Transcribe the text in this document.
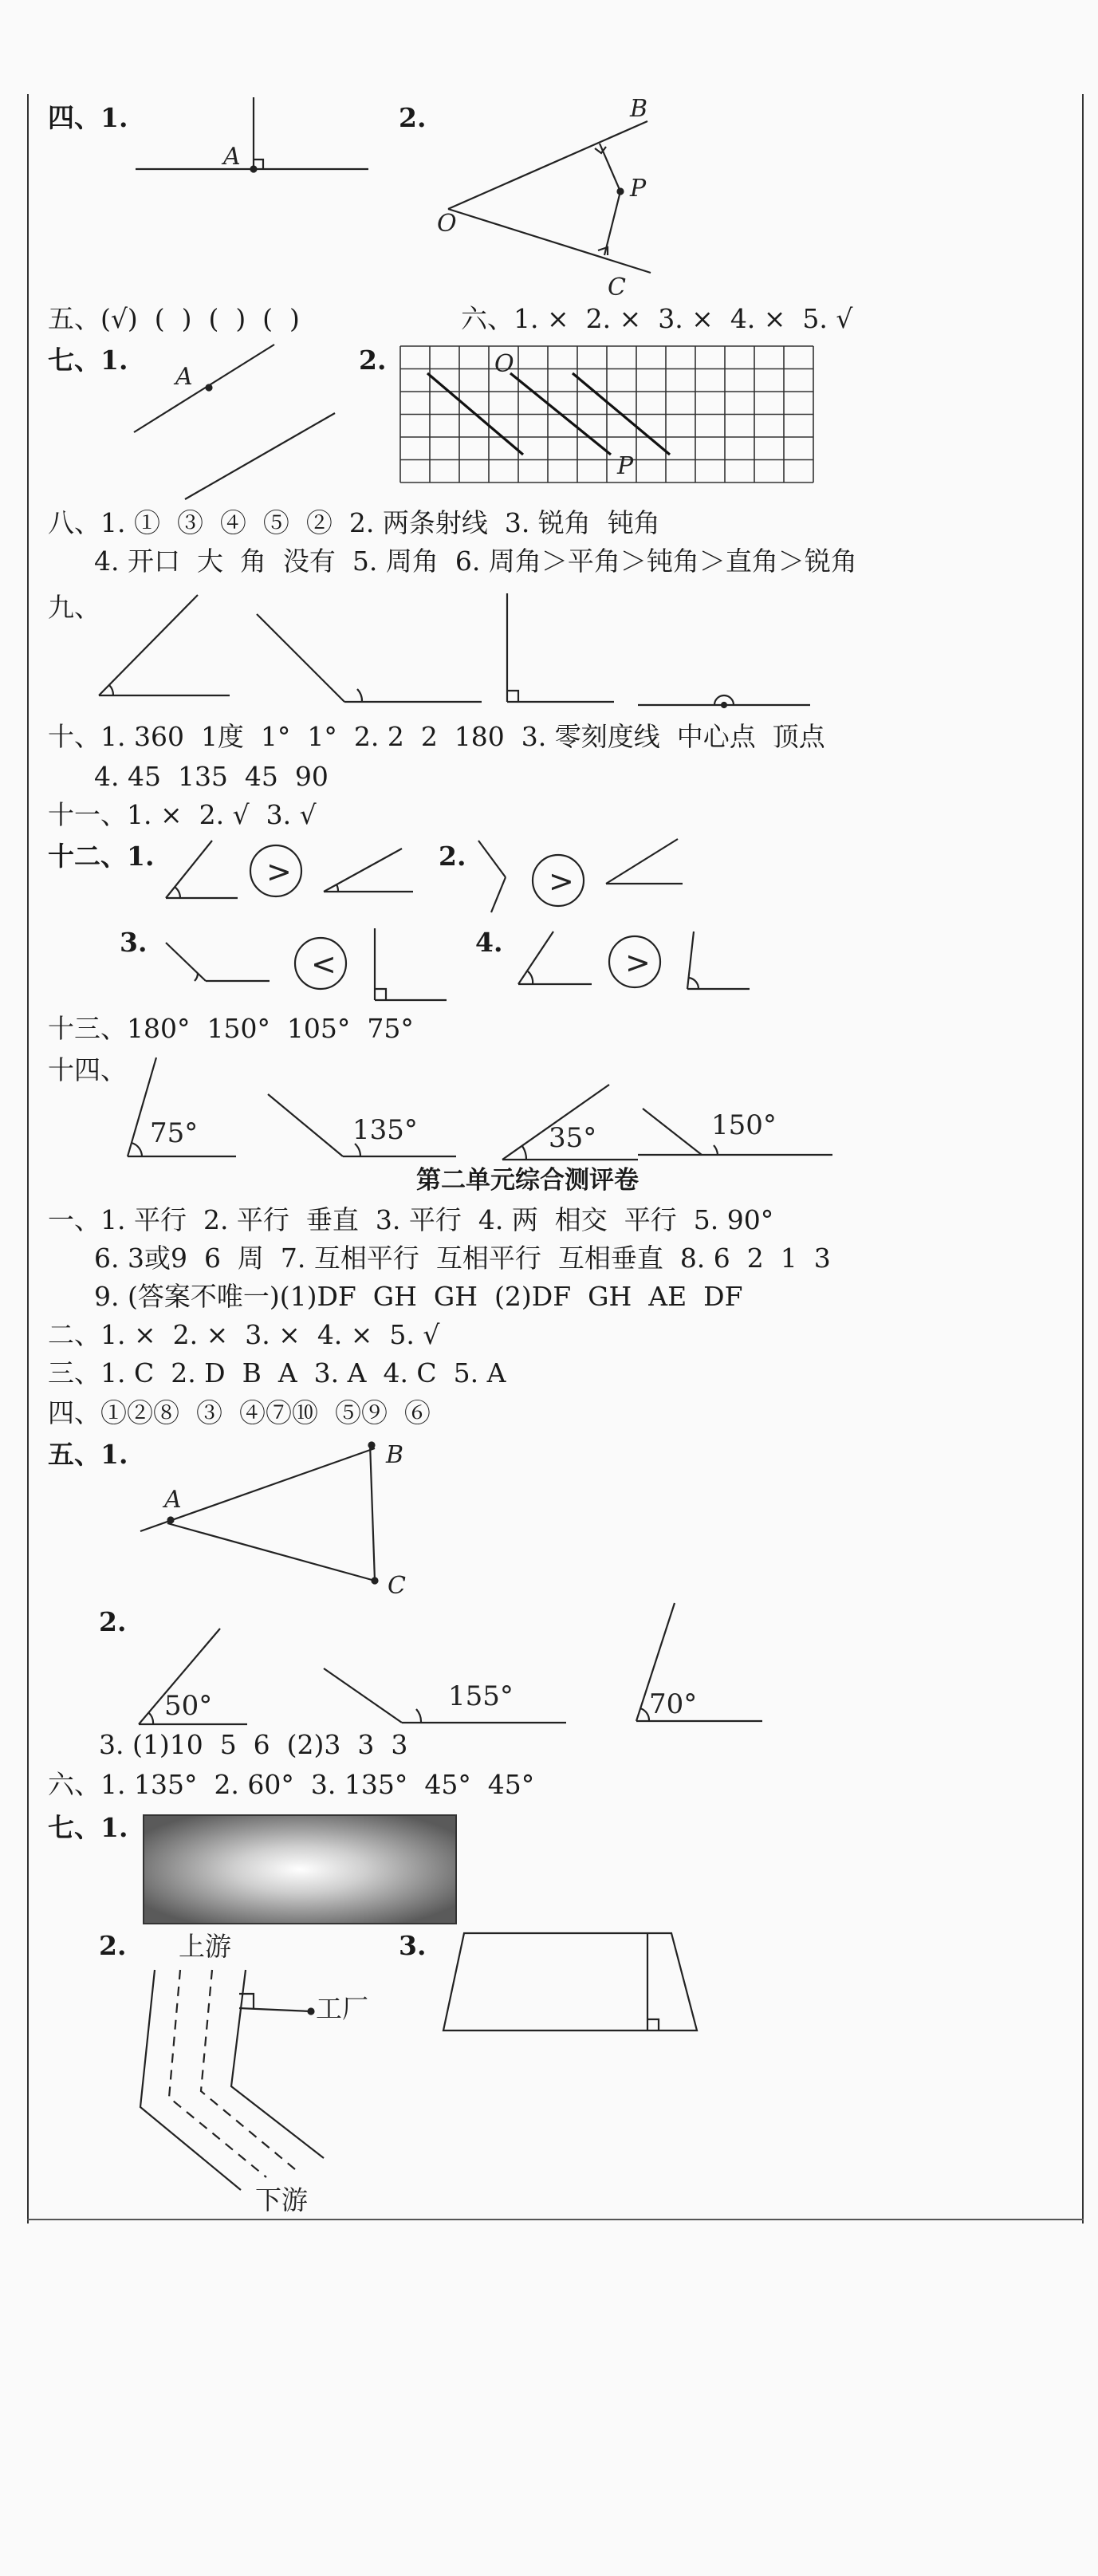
四、1.	2.
五、(√)  (  )  (  )  (  )	六、1. ×  2. ×  3. ×  4. ×  5. √
七、1.	2.
八、1. ①  ③  ④  ⑤  ②  2. 两条射线  3. 锐角  钝角
4. 开口  大  角  没有  5. 周角  6. 周角＞平角＞钝角＞直角＞锐角
九、
十、1. 360  1度  1°  1°  2. 2  2  180  3. 零刻度线  中心点  顶点
4. 45  135  45  90
十一、1. ×  2. √  3. √
十二、1.	2.
3.	4.
十三、180°  150°  105°  75°
十四、
第二单元综合测评卷
一、1. 平行  2. 平行  垂直  3. 平行  4. 两  相交  平行  5. 90°
6. 3或9  6  周  7. 互相平行  互相平行  互相垂直  8. 6  2  1  3
9. (答案不唯一)(1)DF  GH  GH  (2)DF  GH  AE  DF
二、1. ×  2. ×  3. ×  4. ×  5. √
三、1. C  2. D  B  A  3. A  4. C  5. A
四、①②⑧  ③  ④⑦⑩  ⑤⑨  ⑥
五、1.
2.
3. (1)10  5  6  (2)3  3  3
六、1. 135°  2. 60°  3. 135°  45°  45°
七、1.
2.	3.
A
B
O
P
C
A	O
P
>	>
<	>
75°	135°	35°	150°
A
B
C
50°	155°	70°
上游
工厂
下游
